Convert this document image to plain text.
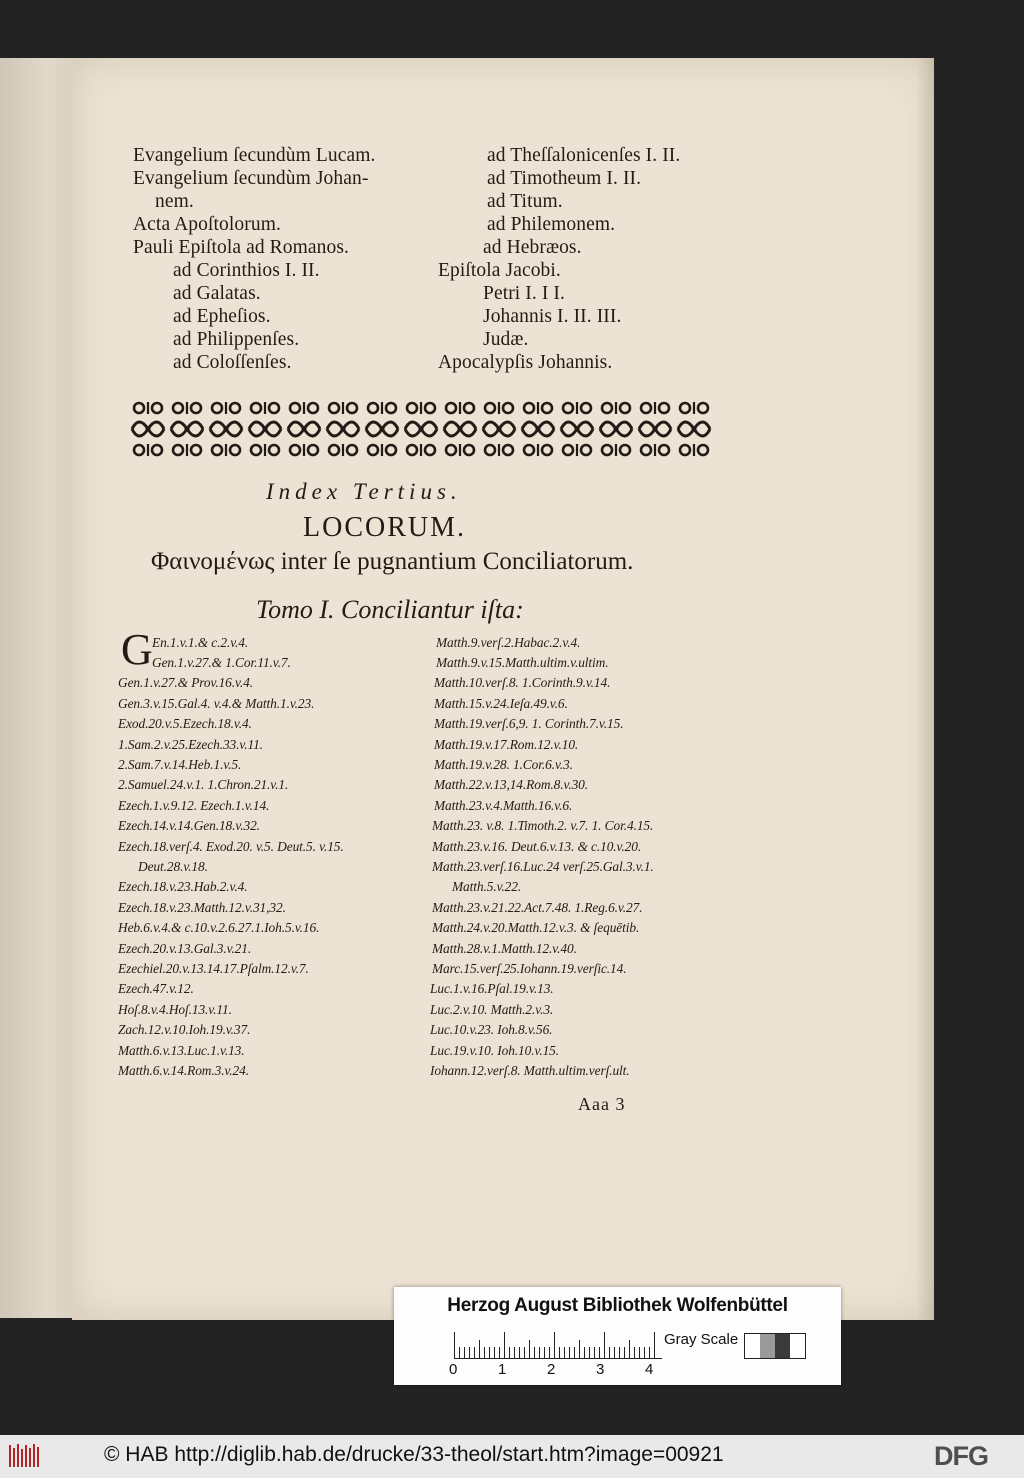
Evangelium ſecundùm Lucam.
Evangelium ſecundùm Johan-
nem.
Acta Apoſtolorum.
Pauli Epiſtola ad Romanos.
ad Corinthios I. II.
ad Galatas.
ad Epheſios.
ad Philippenſes.
ad Coloſſenſes.
ad Theſſalonicenſes I. II.
ad Timotheum I. II.
ad Titum.
ad Philemonem.
ad Hebræos.
Epiſtola Jacobi.
Petri I. I I.
Johannis I. II. III.
Judæ.
Apocalypſis Johannis.
Index Tertius.
LOCORUM.
Φαινομένως inter ſe pugnantium Conciliatorum.
Tomo I. Conciliantur iſta:
G En.1.v.1.& c.2.v.4.
Gen.1.v.27.& 1.Cor.11.v.7.
Gen.1.v.27.& Prov.16.v.4.
Gen.3.v.15.Gal.4. v.4.& Matth.1.v.23.
Exod.20.v.5.Ezech.18.v.4.
1.Sam.2.v.25.Ezech.33.v.11.
2.Sam.7.v.14.Heb.1.v.5.
2.Samuel.24.v.1. 1.Chron.21.v.1.
Ezech.1.v.9.12. Ezech.1.v.14.
Ezech.14.v.14.Gen.18.v.32.
Ezech.18.verſ.4. Exod.20. v.5. Deut.5. v.15.
Deut.28.v.18.
Ezech.18.v.23.Hab.2.v.4.
Ezech.18.v.23.Matth.12.v.31,32.
Heb.6.v.4.& c.10.v.2.6.27.1.Ioh.5.v.16.
Ezech.20.v.13.Gal.3.v.21.
Ezechiel.20.v.13.14.17.Pſalm.12.v.7.
Ezech.47.v.12.
Hoſ.8.v.4.Hoſ.13.v.11.
Zach.12.v.10.Ioh.19.v.37.
Matth.6.v.13.Luc.1.v.13.
Matth.6.v.14.Rom.3.v.24.
Matth.9.verſ.2.Habac.2.v.4.
Matth.9.v.15.Matth.ultim.v.ultim.
Matth.10.verſ.8. 1.Corinth.9.v.14.
Matth.15.v.24.Ieſa.49.v.6.
Matth.19.verſ.6,9. 1. Corinth.7.v.15.
Matth.19.v.17.Rom.12.v.10.
Matth.19.v.28. 1.Cor.6.v.3.
Matth.22.v.13,14.Rom.8.v.30.
Matth.23.v.4.Matth.16.v.6.
Matth.23. v.8. 1.Timoth.2. v.7. 1. Cor.4.15.
Matth.23.v.16. Deut.6.v.13. & c.10.v.20.
Matth.23.verſ.16.Luc.24 verſ.25.Gal.3.v.1.
Matth.5.v.22.
Matth.23.v.21.22.Act.7.48. 1.Reg.6.v.27.
Matth.24.v.20.Matth.12.v.3. & ſequētib.
Matth.28.v.1.Matth.12.v.40.
Marc.15.verſ.25.Iohann.19.verſic.14.
Luc.1.v.16.Pſal.19.v.13.
Luc.2.v.10. Matth.2.v.3.
Luc.10.v.23. Ioh.8.v.56.
Luc.19.v.10. Ioh.10.v.15.
Iohann.12.verſ.8. Matth.ultim.verſ.ult.
Aaa 3
Herzog August Bibliothek Wolfenbüttel
0	1	2	3	4
Gray Scale
© HAB http://diglib.hab.de/drucke/33-theol/start.htm?image=00921	DFG
